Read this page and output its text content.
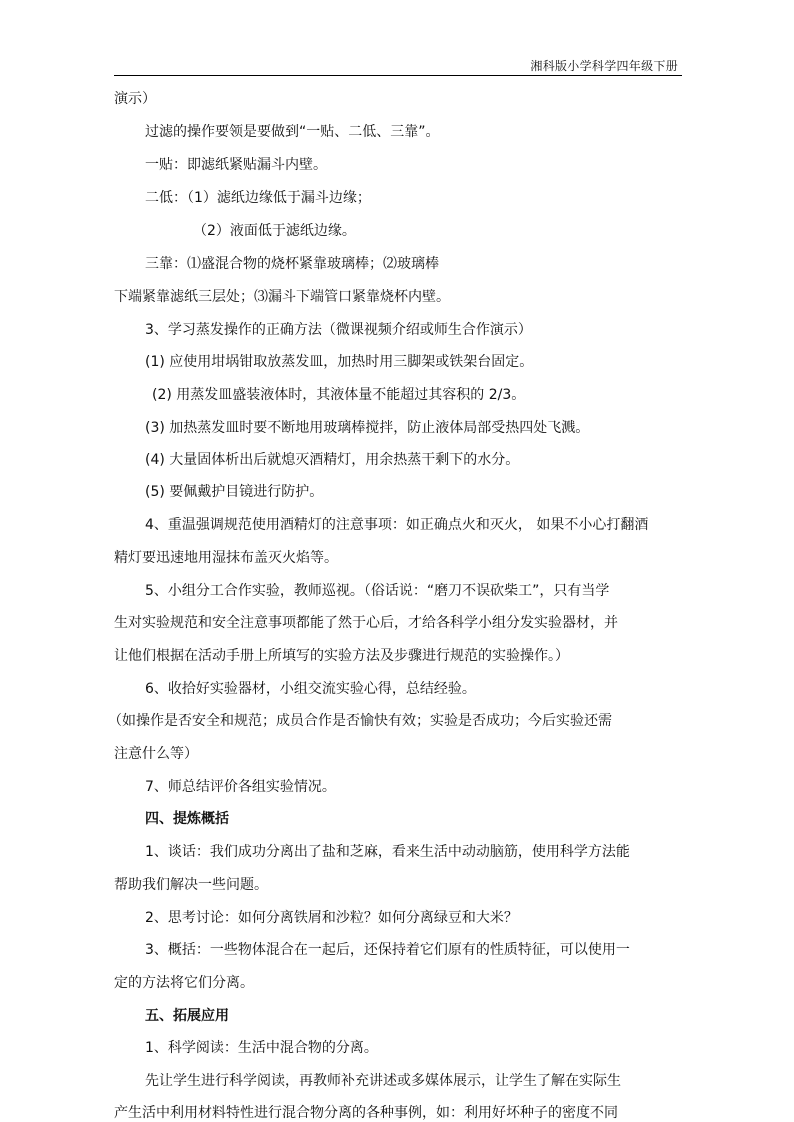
湘科版小学科学四年级下册
演示）
过滤的操作要领是要做到“一贴、二低、三靠”。
一贴：即滤纸紧贴漏斗内壁。
二低：（1）滤纸边缘低于漏斗边缘；
（2）液面低于滤纸边缘。
三靠：⑴盛混合物的烧杯紧靠玻璃棒；⑵玻璃棒
下端紧靠滤纸三层处；⑶漏斗下端管口紧靠烧杯内壁。
3、学习蒸发操作的正确方法（微课视频介绍或师生合作演示）
(1) 应使用坩埚钳取放蒸发皿，加热时用三脚架或铁架台固定。
(2) 用蒸发皿盛装液体时，其液体量不能超过其容积的 2/3。
(3) 加热蒸发皿时要不断地用玻璃棒搅拌，防止液体局部受热四处飞溅。
(4) 大量固体析出后就熄灭酒精灯，用余热蒸干剩下的水分。
(5) 要佩戴护目镜进行防护。
4、重温强调规范使用酒精灯的注意事项：如正确点火和灭火， 如果不小心打翻酒
精灯要迅速地用湿抹布盖灭火焰等。
5、小组分工合作实验，教师巡视。（俗话说：“磨刀不误砍柴工”，只有当学
生对实验规范和安全注意事项都能了然于心后，才给各科学小组分发实验器材，并
让他们根据在活动手册上所填写的实验方法及步骤进行规范的实验操作。）
6、收拾好实验器材，小组交流实验心得，总结经验。
（如操作是否安全和规范；成员合作是否愉快有效；实验是否成功；今后实验还需
注意什么等）
7、师总结评价各组实验情况。
四、提炼概括
1、谈话：我们成功分离出了盐和芝麻，看来生活中动动脑筋，使用科学方法能
帮助我们解决一些问题。
2、思考讨论：如何分离铁屑和沙粒？如何分离绿豆和大米？
3、概括：一些物体混合在一起后，还保持着它们原有的性质特征，可以使用一
定的方法将它们分离。
五、拓展应用
1、科学阅读：生活中混合物的分离。
先让学生进行科学阅读，再教师补充讲述或多媒体展示，让学生了解在实际生
产生活中利用材料特性进行混合物分离的各种事例，如：利用好坏种子的密度不同
